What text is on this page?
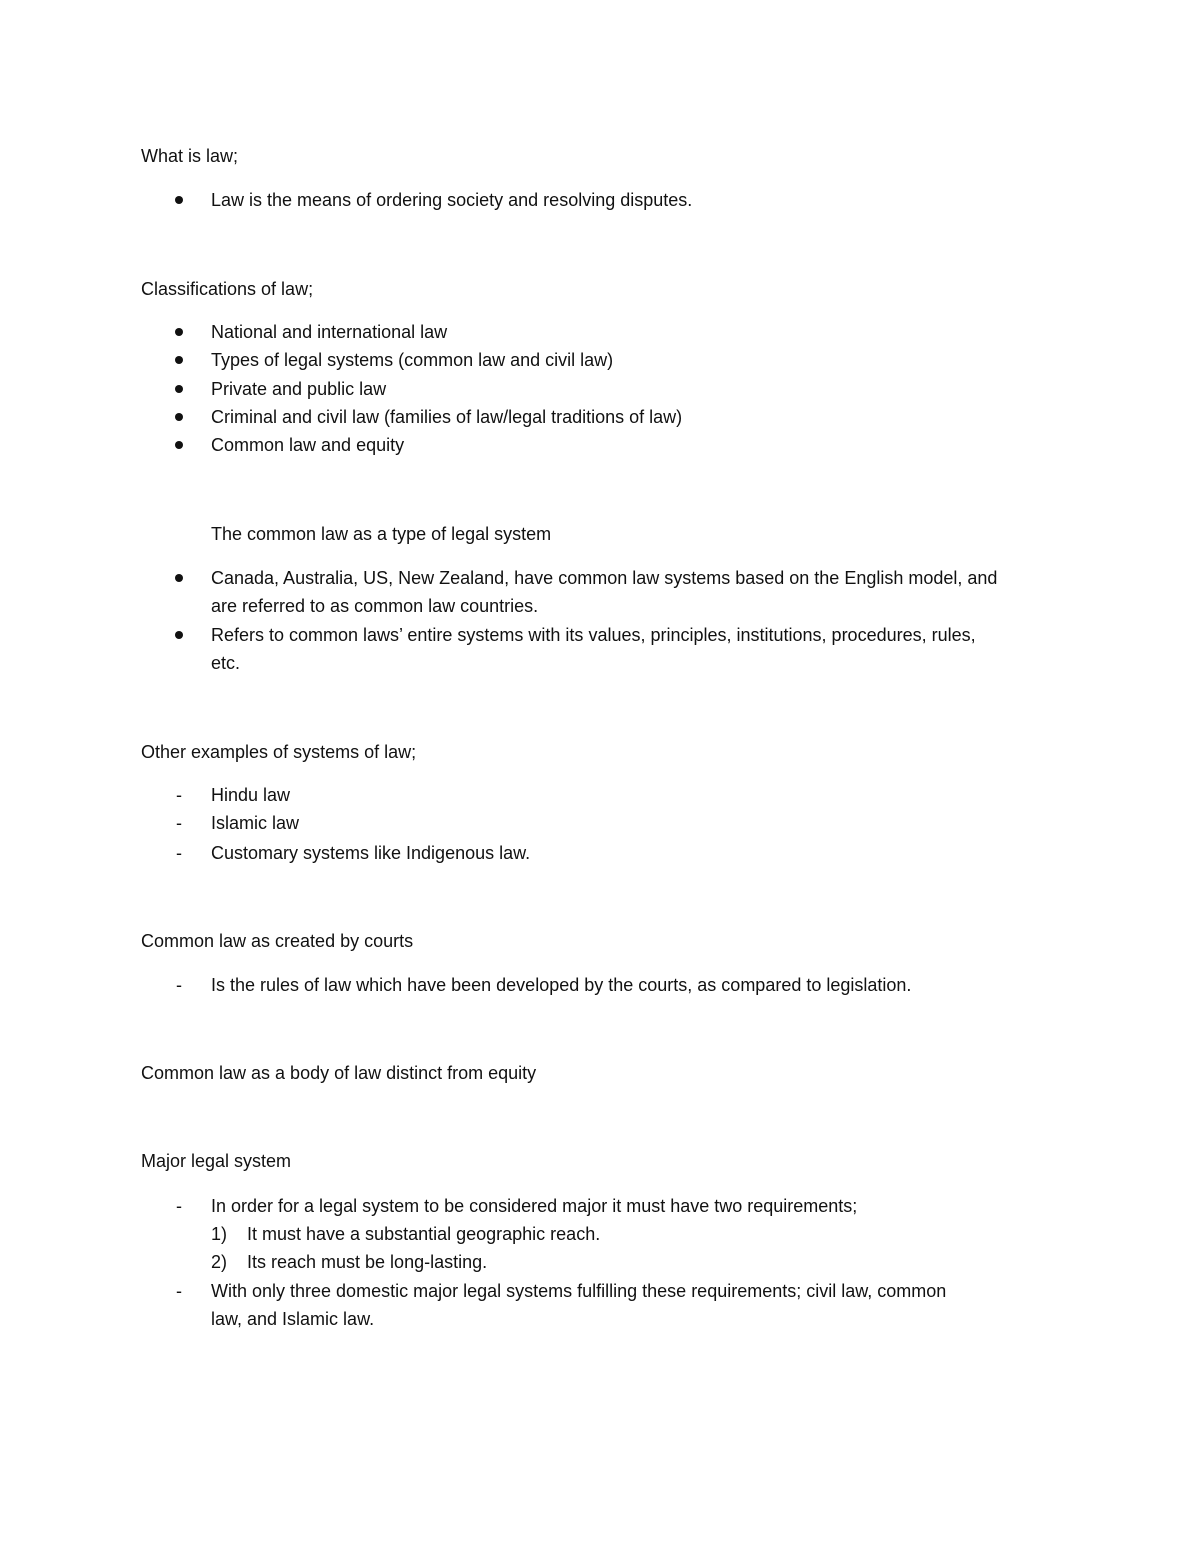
What is law;
Law is the means of ordering society and resolving disputes.
Classifications of law;
National and international law
Types of legal systems (common law and civil law)
Private and public law
Criminal and civil law (families of law/legal traditions of law)
Common law and equity
The common law as a type of legal system
Canada, Australia, US, New Zealand, have common law systems based on the English model, and
are referred to as common law countries.
Refers to common laws’ entire systems with its values, principles, institutions, procedures, rules,
etc.
Other examples of systems of law;
- Hindu law
- Islamic law
- Customary systems like Indigenous law.
Common law as created by courts
- Is the rules of law which have been developed by the courts, as compared to legislation.
Common law as a body of law distinct from equity
Major legal system
- In order for a legal system to be considered major it must have two requirements;
1) It must have a substantial geographic reach.
2) Its reach must be long-lasting.
- With only three domestic major legal systems fulfilling these requirements; civil law, common
law, and Islamic law.
